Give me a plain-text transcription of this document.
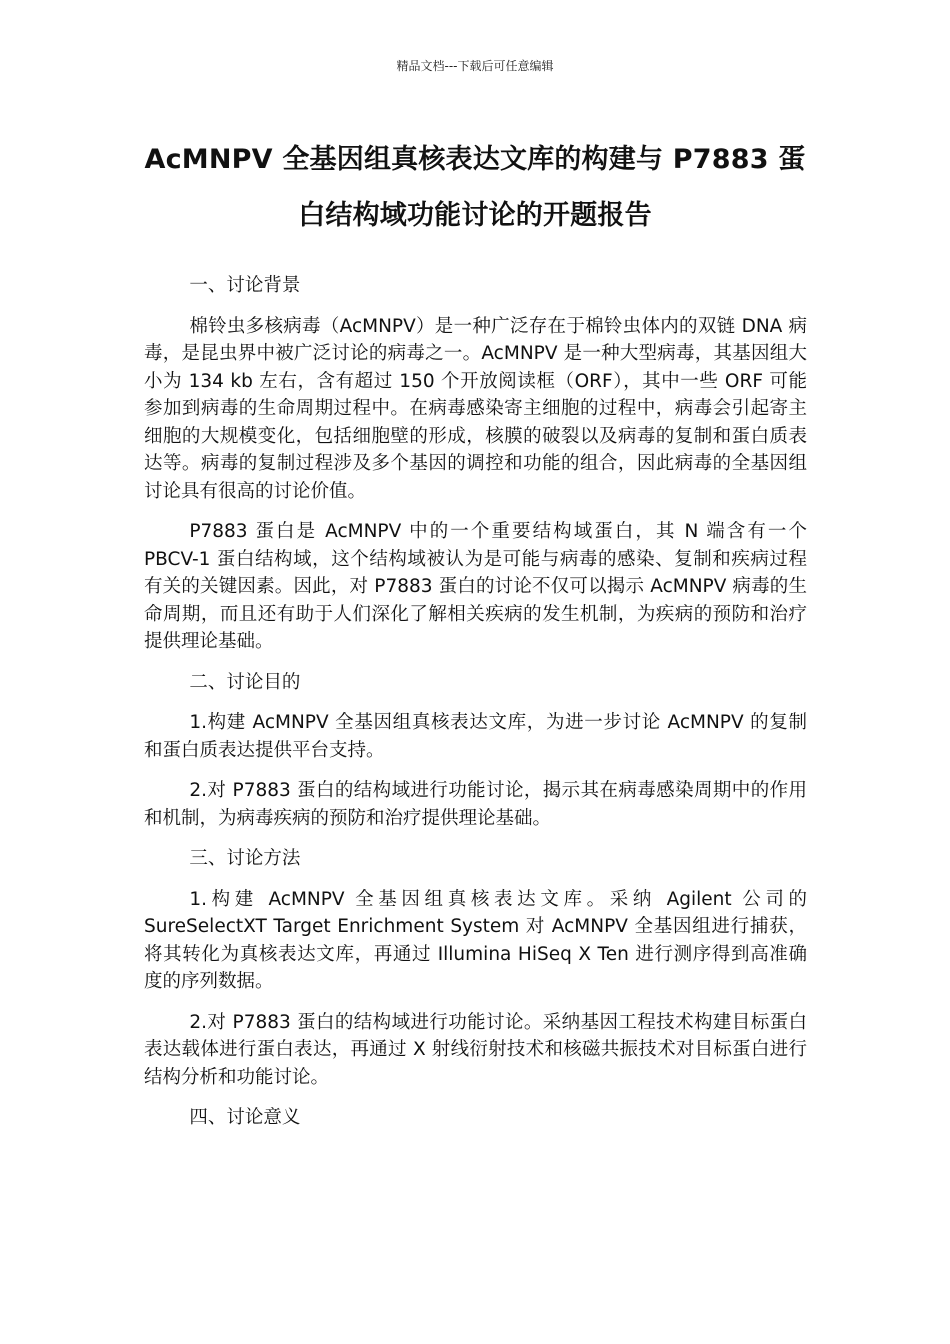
精品文档---下载后可任意编辑
AcMNPV 全基因组真核表达文库的构建与 P7883 蛋白结构域功能讨论的开题报告

一、讨论背景

棉铃虫多核病毒（AcMNPV）是一种广泛存在于棉铃虫体内的双链 DNA 病毒，是昆虫界中被广泛讨论的病毒之一。AcMNPV 是一种大型病毒，其基因组大小为 134 kb 左右，含有超过 150 个开放阅读框（ORF），其中一些 ORF 可能参加到病毒的生命周期过程中。在病毒感染寄主细胞的过程中，病毒会引起寄主细胞的大规模变化，包括细胞壁的形成，核膜的破裂以及病毒的复制和蛋白质表达等。病毒的复制过程涉及多个基因的调控和功能的组合，因此病毒的全基因组讨论具有很高的讨论价值。

P7883 蛋白是 AcMNPV 中的一个重要结构域蛋白，其 N 端含有一个 PBCV-1 蛋白结构域，这个结构域被认为是可能与病毒的感染、复制和疾病过程有关的关键因素。因此，对 P7883 蛋白的讨论不仅可以揭示 AcMNPV 病毒的生命周期，而且还有助于人们深化了解相关疾病的发生机制，为疾病的预防和治疗提供理论基础。

二、讨论目的

1.构建 AcMNPV 全基因组真核表达文库，为进一步讨论 AcMNPV 的复制和蛋白质表达提供平台支持。

2.对 P7883 蛋白的结构域进行功能讨论，揭示其在病毒感染周期中的作用和机制，为病毒疾病的预防和治疗提供理论基础。

三、讨论方法

1.构建 AcMNPV 全基因组真核表达文库。采纳 Agilent 公司的 SureSelectXT Target Enrichment System 对 AcMNPV 全基因组进行捕获，将其转化为真核表达文库，再通过 Illumina HiSeq X Ten 进行测序得到高准确度的序列数据。

2.对 P7883 蛋白的结构域进行功能讨论。采纳基因工程技术构建目标蛋白表达载体进行蛋白表达，再通过 X 射线衍射技术和核磁共振技术对目标蛋白进行结构分析和功能讨论。

四、讨论意义
